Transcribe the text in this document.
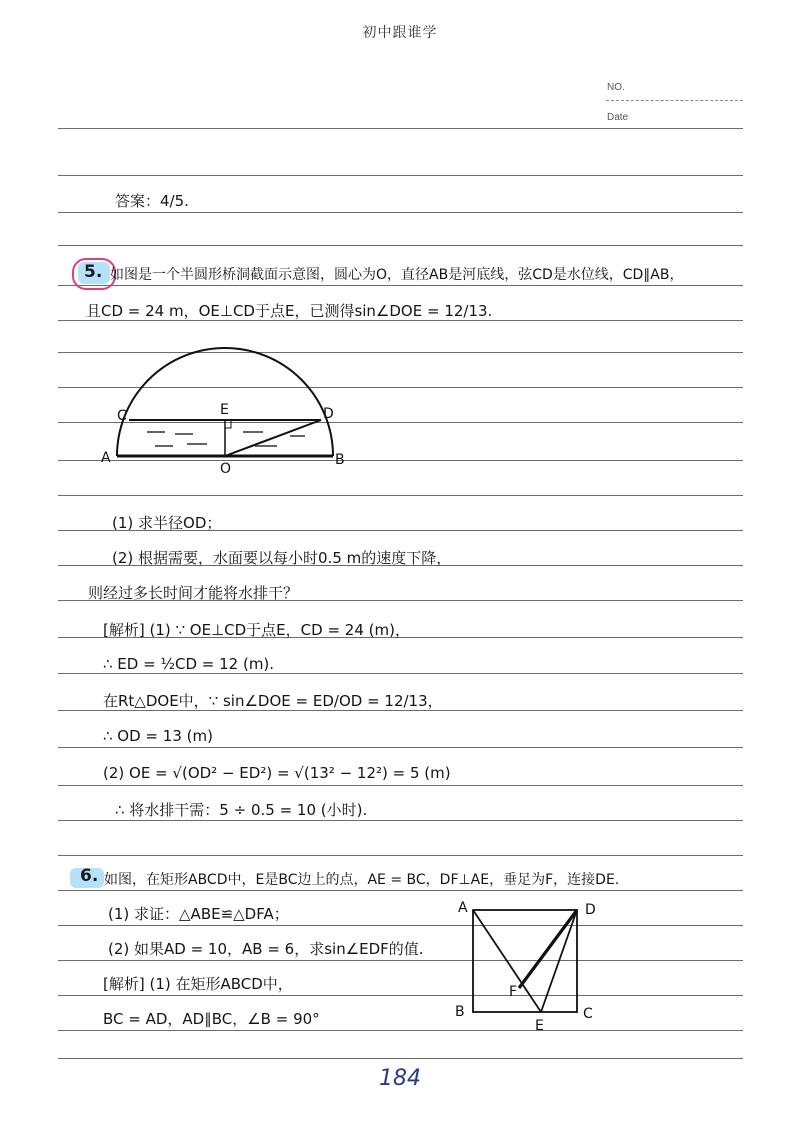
初中跟谁学
NO.
Date
答案：4/5.
5. 如图是一个半圆形桥洞截面示意图，圆心为O，直径AB是河底线，弦CD是水位线，CD∥AB，
且CD = 24 m，OE⊥CD于点E，已测得sin∠DOE = 12/13.
C	E	D
A
O
B
(1) 求半径OD；
(2) 根据需要，水面要以每小时0.5 m的速度下降，
则经过多长时间才能将水排干？
[解析] (1) ∵ OE⊥CD于点E，CD = 24 (m)，
∴ ED = ½CD = 12 (m).
在Rt△DOE中，∵ sin∠DOE = ED/OD = 12/13，
∴ OD = 13 (m)
(2) OE = √(OD² − ED²) = √(13² − 12²) = 5 (m)
∴ 将水排干需：5 ÷ 0.5 = 10 (小时).
6. 如图，在矩形ABCD中，E是BC边上的点，AE = BC，DF⊥AE，垂足为F，连接DE.
(1) 求证：△ABE≌△DFA；
(2) 如果AD = 10，AB = 6，求sin∠EDF的值.
[解析] (1) 在矩形ABCD中，
BC = AD，AD∥BC，∠B = 90°
A	D
F
B	C
E
184
